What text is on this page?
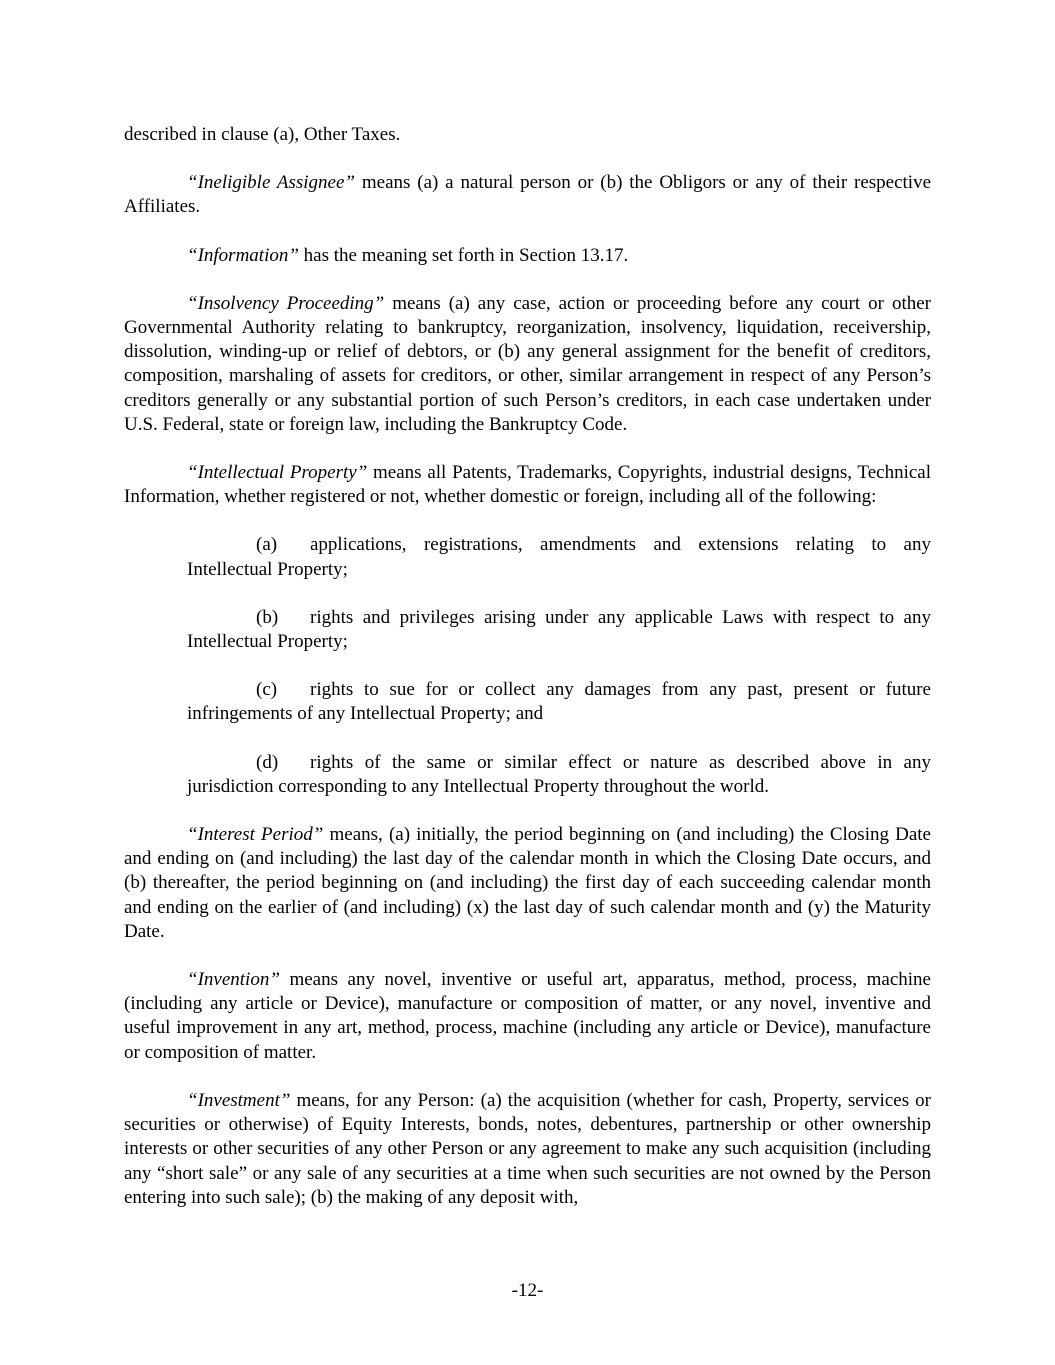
described in clause (a), Other Taxes.

“Ineligible Assignee” means (a) a natural person or (b) the Obligors or any of their respective Affiliates.

“Information” has the meaning set forth in Section 13.17.

“Insolvency Proceeding” means (a) any case, action or proceeding before any court or other Governmental Authority relating to bankruptcy, reorganization, insolvency, liquidation, receivership, dissolution, winding-up or relief of debtors, or (b) any general assignment for the benefit of creditors, composition, marshaling of assets for creditors, or other, similar arrangement in respect of any Person’s creditors generally or any substantial portion of such Person’s creditors, in each case undertaken under U.S. Federal, state or foreign law, including the Bankruptcy Code.

“Intellectual Property” means all Patents, Trademarks, Copyrights, industrial designs, Technical Information, whether registered or not, whether domestic or foreign, including all of the following:

(a) applications, registrations, amendments and extensions relating to any Intellectual Property;

(b) rights and privileges arising under any applicable Laws with respect to any Intellectual Property;

(c) rights to sue for or collect any damages from any past, present or future infringements of any Intellectual Property; and

(d) rights of the same or similar effect or nature as described above in any jurisdiction corresponding to any Intellectual Property throughout the world.

“Interest Period” means, (a) initially, the period beginning on (and including) the Closing Date and ending on (and including) the last day of the calendar month in which the Closing Date occurs, and (b) thereafter, the period beginning on (and including) the first day of each succeeding calendar month and ending on the earlier of (and including) (x) the last day of such calendar month and (y) the Maturity Date.

“Invention” means any novel, inventive or useful art, apparatus, method, process, machine (including any article or Device), manufacture or composition of matter, or any novel, inventive and useful improvement in any art, method, process, machine (including any article or Device), manufacture or composition of matter.

“Investment” means, for any Person: (a) the acquisition (whether for cash, Property, services or securities or otherwise) of Equity Interests, bonds, notes, debentures, partnership or other ownership interests or other securities of any other Person or any agreement to make any such acquisition (including any “short sale” or any sale of any securities at a time when such securities are not owned by the Person entering into such sale); (b) the making of any deposit with,

-12-
